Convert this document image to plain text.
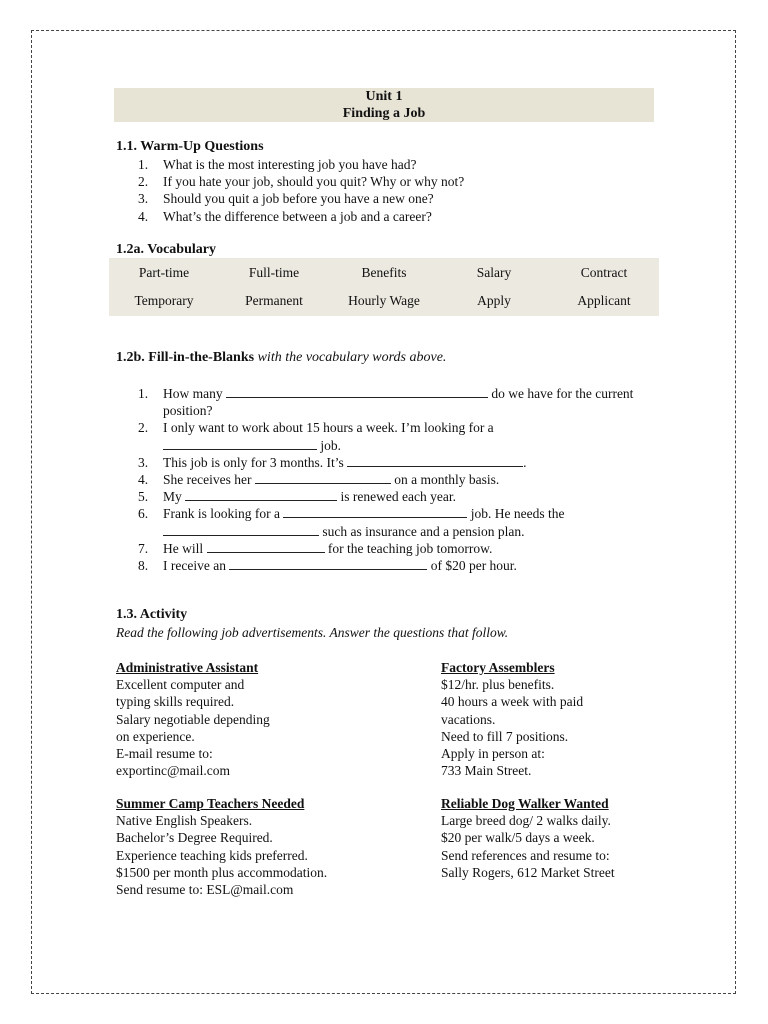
Unit 1
Finding a Job
1.1. Warm-Up Questions
1. What is the most interesting job you have had?
2. If you hate your job, should you quit? Why or why not?
3. Should you quit a job before you have a new one?
4. What’s the difference between a job and a career?
1.2a. Vocabulary
Part-time	Full-time	Benefits	Salary	Contract
Temporary	Permanent	Hourly Wage	Apply	Applicant
1.2b. Fill-in-the-Blanks with the vocabulary words above.
1. How many	do we have for the current
position?
2. I only want to work about 15 hours a week. I’m looking for a
job.
3. This job is only for 3 months. It’s	.
4. She receives her	on a monthly basis.
5. My	is renewed each year.
6. Frank is looking for a	job. He needs the
such as insurance and a pension plan.
7. He will	for the teaching job tomorrow.
8. I receive an	of $20 per hour.
1.3. Activity
Read the following job advertisements. Answer the questions that follow.
Administrative Assistant
Excellent computer and
typing skills required.
Salary negotiable depending
on experience.
E-mail resume to:
exportinc@mail.com
Factory Assemblers
$12/hr. plus benefits.
40 hours a week with paid
vacations.
Need to fill 7 positions.
Apply in person at:
733 Main Street.
Summer Camp Teachers Needed
Native English Speakers.
Bachelor’s Degree Required.
Experience teaching kids preferred.
$1500 per month plus accommodation.
Send resume to: ESL@mail.com
Reliable Dog Walker Wanted
Large breed dog/ 2 walks daily.
$20 per walk/5 days a week.
Send references and resume to:
Sally Rogers, 612 Market Street
